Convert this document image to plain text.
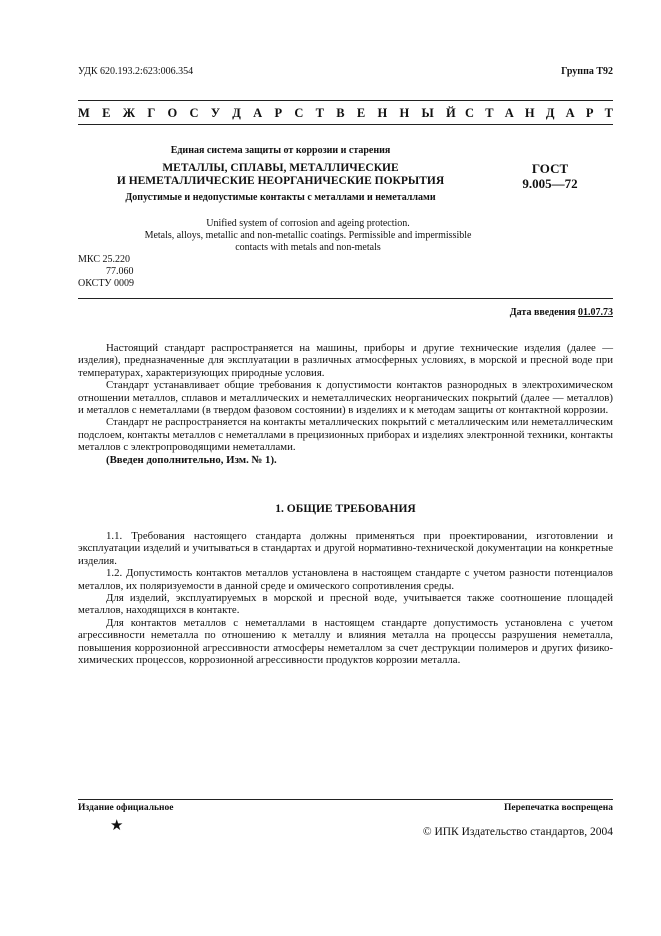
УДК 620.193.2:623:006.354	Группа Т92
М Е Ж Г О С У Д А Р С Т В Е Н Н Ы Й С Т А Н Д А Р Т
Единая система защиты от коррозии и старения
МЕТАЛЛЫ, СПЛАВЫ, МЕТАЛЛИЧЕСКИЕ
И НЕМЕТАЛЛИЧЕСКИЕ НЕОРГАНИЧЕСКИЕ ПОКРЫТИЯ
Допустимые и недопустимые контакты с металлами и неметаллами
ГОСТ
9.005—72
Unified system of corrosion and ageing protection.
Metals, alloys, metallic and non-metallic coatings. Permissible and impermissible
contacts with metals and non-metals
МКС 25.220
77.060
ОКСТУ 0009
Дата введения 01.07.73

Настоящий стандарт распространяется на машины, приборы и другие технические изделия (далее — изделия), предназначенные для эксплуатации в различных атмосферных условиях, в морской и пресной воде при температурах, характеризующих природные условия.

Стандарт устанавливает общие требования к допустимости контактов разнородных в электрохимическом отношении металлов, сплавов и металлических и неметаллических неорганических покрытий (далее — металлов) и металлов с неметаллами (в твердом фазовом состоянии) в изделиях и к методам защиты от контактной коррозии.

Стандарт не распространяется на контакты металлических покрытий с металлическим или неметаллическим подслоем, контакты металлов с неметаллами в прецизионных приборах и изделиях электронной техники, контакты металлов с электропроводящими неметаллами.

(Введен дополнительно, Изм. № 1).

1. ОБЩИЕ ТРЕБОВАНИЯ

1.1. Требования настоящего стандарта должны применяться при проектировании, изготовлении и эксплуатации изделий и учитываться в стандартах и другой нормативно-технической документации на конкретные изделия.

1.2. Допустимость контактов металлов установлена в настоящем стандарте с учетом разности потенциалов металлов, их поляризуемости в данной среде и омического сопротивления среды.

Для изделий, эксплуатируемых в морской и пресной воде, учитывается также соотношение площадей металлов, находящихся в контакте.

Для контактов металлов с неметаллами в настоящем стандарте допустимость установлена с учетом агрессивности неметалла по отношению к металлу и влияния металла на процессы разрушения неметалла, повышения коррозионной агрессивности атмосферы неметаллом за счет деструкции полимеров и других физико-химических процессов, коррозионной агрессивности продуктов коррозии металла.

Издание официальное	Перепечатка воспрещена
★	© ИПК Издательство стандартов, 2004
